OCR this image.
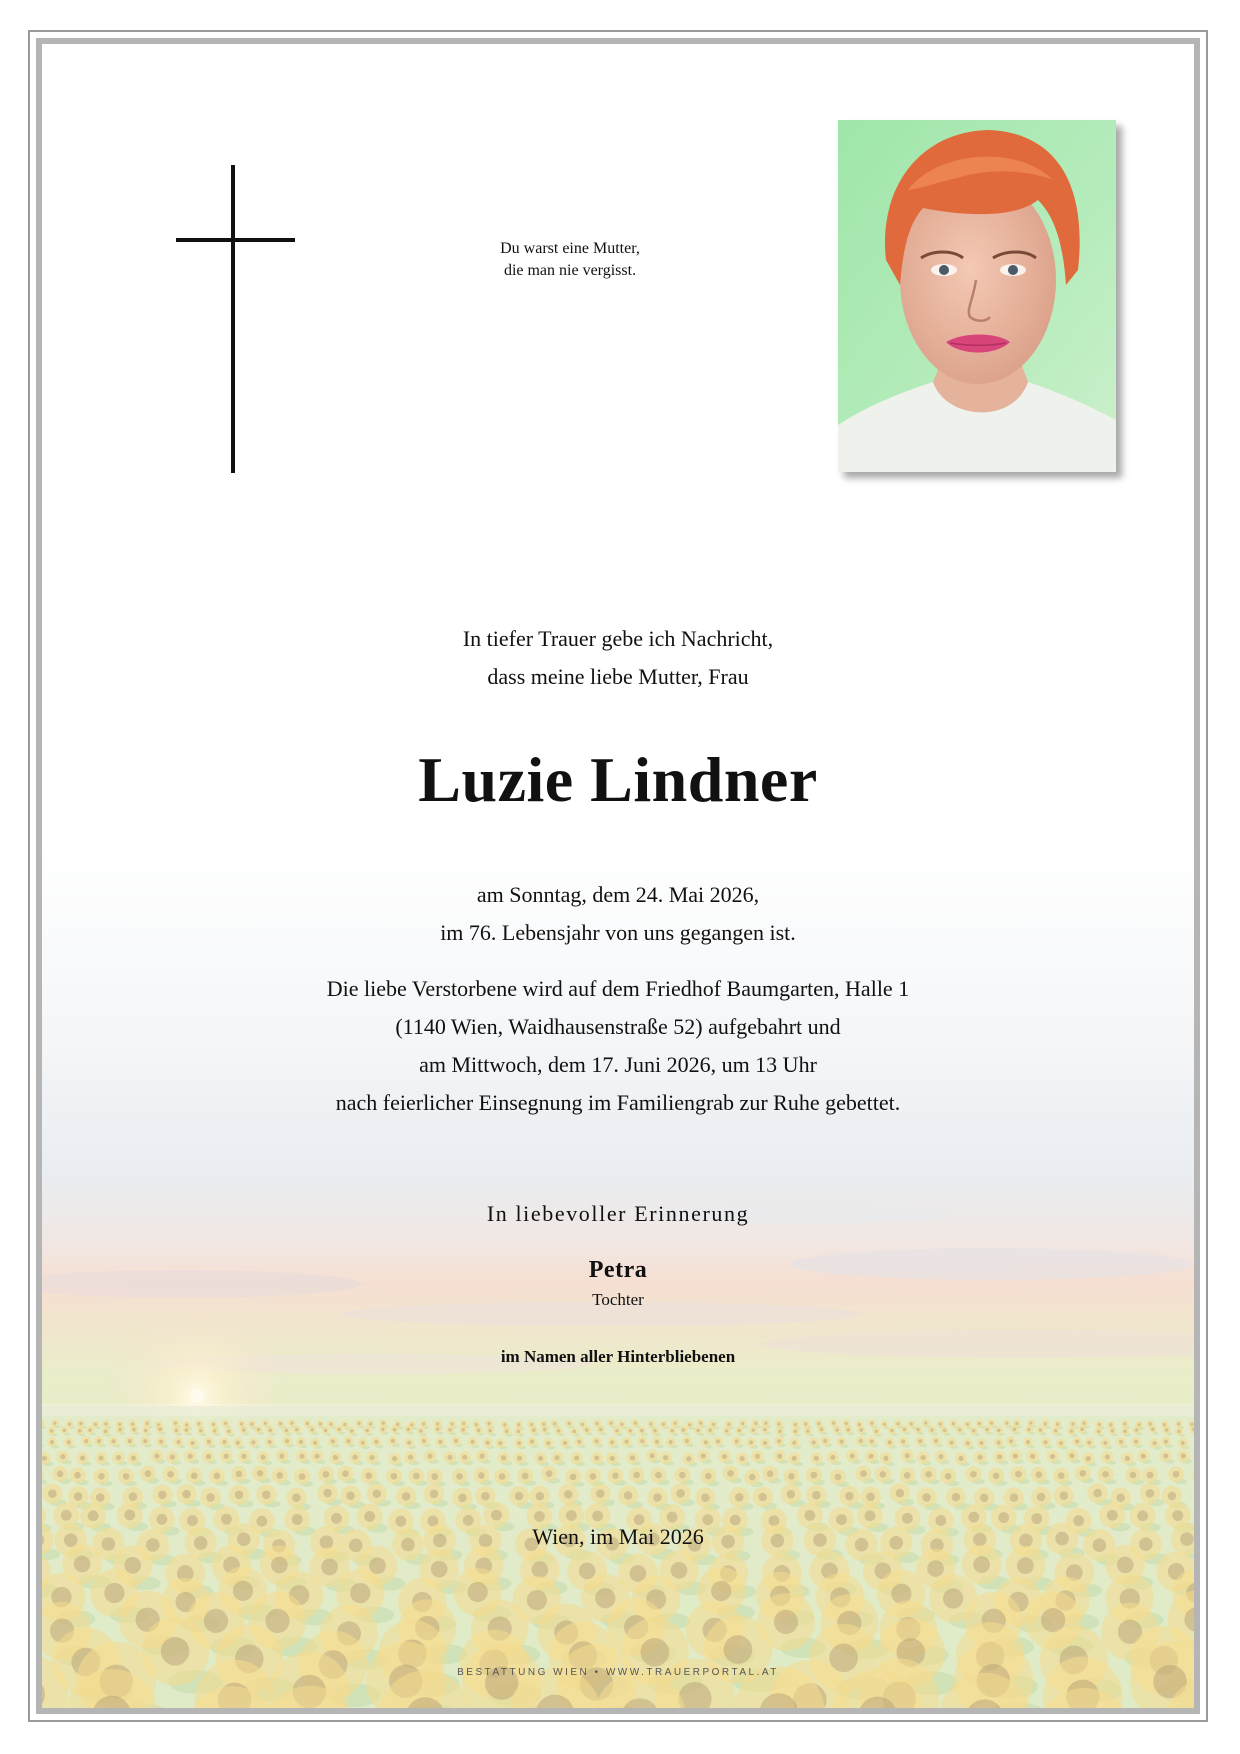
Du warst eine Mutter,
die man nie vergisst.
In tiefer Trauer gebe ich Nachricht,
dass meine liebe Mutter, Frau
Luzie Lindner
am Sonntag, dem 24. Mai 2026,
im 76. Lebensjahr von uns gegangen ist.
Die liebe Verstorbene wird auf dem Friedhof Baumgarten, Halle 1
(1140 Wien, Waidhausenstraße 52) aufgebahrt und
am Mittwoch, dem 17. Juni 2026, um 13 Uhr
nach feierlicher Einsegnung im Familiengrab zur Ruhe gebettet.
In liebevoller Erinnerung
Petra
Tochter
im Namen aller Hinterbliebenen
Wien, im Mai 2026
BESTATTUNG WIEN • WWW.TRAUERPORTAL.AT
